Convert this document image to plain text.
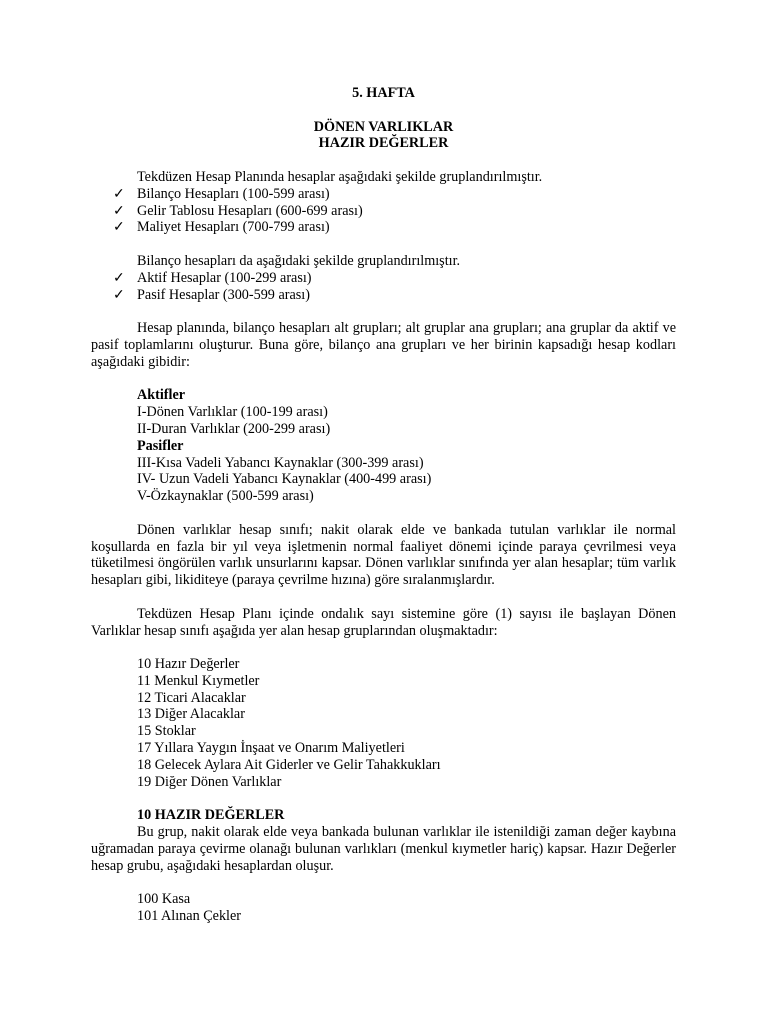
5. HAFTA
DÖNEN VARLIKLAR
HAZIR DEĞERLER
Tekdüzen Hesap Planında hesaplar aşağıdaki şekilde gruplandırılmıştır.
✓ Bilanço Hesapları (100-599 arası)
✓ Gelir Tablosu Hesapları (600-699 arası)
✓ Maliyet Hesapları (700-799 arası)
Bilanço hesapları da aşağıdaki şekilde gruplandırılmıştır.
✓ Aktif Hesaplar (100-299 arası)
✓ Pasif Hesaplar (300-599 arası)
Hesap planında, bilanço hesapları alt grupları; alt gruplar ana grupları; ana gruplar da aktif ve pasif toplamlarını oluşturur. Buna göre, bilanço ana grupları ve her birinin kapsadığı hesap kodları aşağıdaki gibidir:
Aktifler
I-Dönen Varlıklar (100-199 arası)
II-Duran Varlıklar (200-299 arası)
Pasifler
III-Kısa Vadeli Yabancı Kaynaklar (300-399 arası)
IV- Uzun Vadeli Yabancı Kaynaklar (400-499 arası)
V-Özkaynaklar (500-599 arası)
Dönen varlıklar hesap sınıfı; nakit olarak elde ve bankada tutulan varlıklar ile normal koşullarda en fazla bir yıl veya işletmenin normal faaliyet dönemi içinde paraya çevrilmesi veya tüketilmesi öngörülen varlık unsurlarını kapsar. Dönen varlıklar sınıfında yer alan hesaplar; tüm varlık hesapları gibi, likiditeye (paraya çevrilme hızına) göre sıralanmışlardır.
Tekdüzen Hesap Planı içinde ondalık sayı sistemine göre (1) sayısı ile başlayan Dönen Varlıklar hesap sınıfı aşağıda yer alan hesap gruplarından oluşmaktadır:
10 Hazır Değerler
11 Menkul Kıymetler
12 Ticari Alacaklar
13 Diğer Alacaklar
15 Stoklar
17 Yıllara Yaygın İnşaat ve Onarım Maliyetleri
18 Gelecek Aylara Ait Giderler ve Gelir Tahakkukları
19 Diğer Dönen Varlıklar
10 HAZIR DEĞERLER
Bu grup, nakit olarak elde veya bankada bulunan varlıklar ile istenildiği zaman değer kaybına uğramadan paraya çevirme olanağı bulunan varlıkları (menkul kıymetler hariç) kapsar. Hazır Değerler hesap grubu, aşağıdaki hesaplardan oluşur.
100 Kasa
101 Alınan Çekler
